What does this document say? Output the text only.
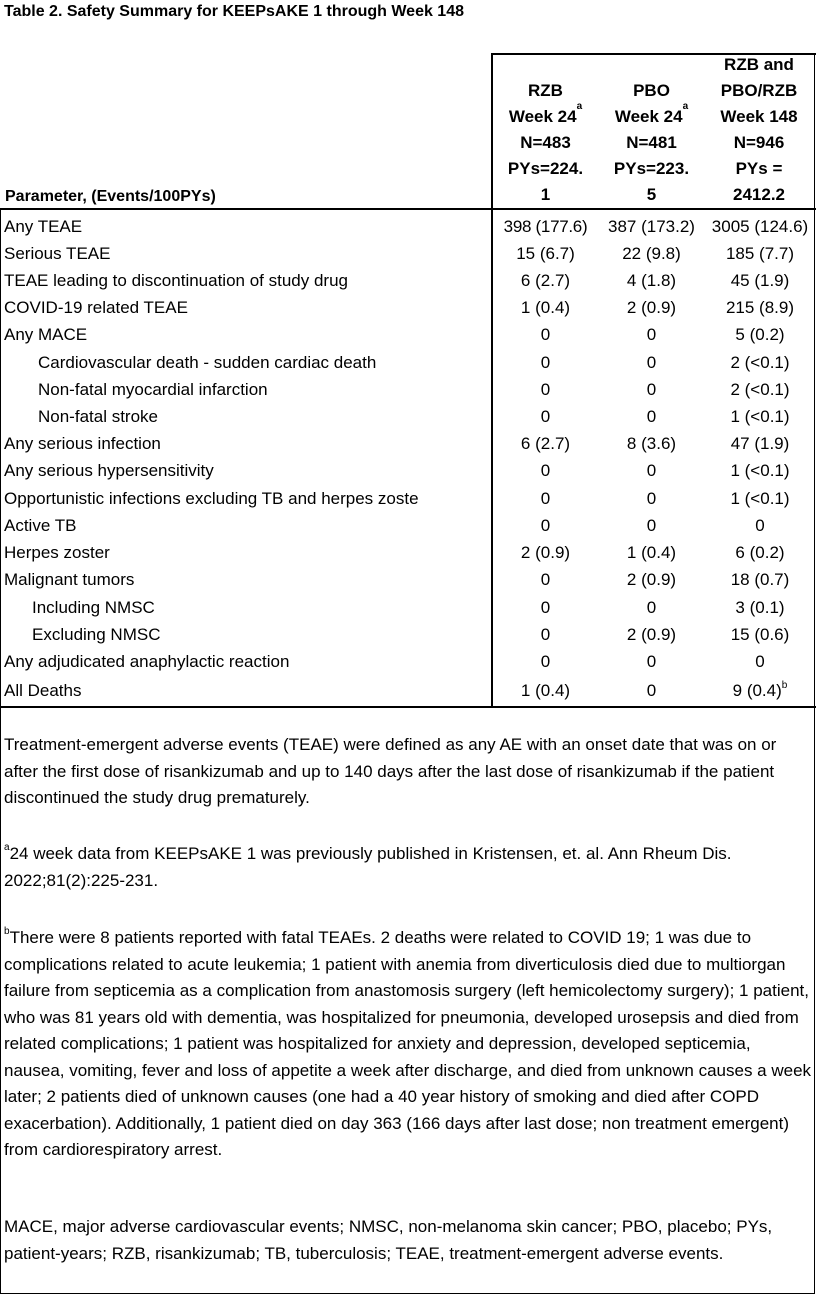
Table 2. Safety Summary for KEEPsAKE 1 through Week 148
Parameter, (Events/100PYs)
RZB
Week 24$^a$
N=483
PYs=224.
1
PBO
Week 24$^a$
N=481
PYs=223.
5
RZB and
PBO/RZB
Week 148
N=946
PYs =
2412.2
Any TEAE	398 (177.6)	387 (173.2) 3005 (124.6)
Serious TEAE	15 (6.7)	22 (9.8)	185 (7.7)
TEAE leading to discontinuation of study drug	6 (2.7)	4 (1.8)	45 (1.9)
COVID-19 related TEAE	1 (0.4)	2 (0.9)	215 (8.9)
Any MACE	0	0	5 (0.2)
Cardiovascular death - sudden cardiac death	0	0	2 (<0.1)
Non-fatal myocardial infarction	0	0	2 (<0.1)
Non-fatal stroke	0	0	1 (<0.1)
Any serious infection	6 (2.7)	8 (3.6)	47 (1.9)
Any serious hypersensitivity	0	0	1 (<0.1)
Opportunistic infections excluding TB and herpes zoste	0	0	1 (<0.1)
Active TB	0	0	0
Herpes zoster	2 (0.9)	1 (0.4)	6 (0.2)
Malignant tumors	0	2 (0.9)	18 (0.7)
Including NMSC	0	0	3 (0.1)
Excluding NMSC	0	2 (0.9)	15 (0.6)
Any adjudicated anaphylactic reaction	0	0	0
All Deaths	1 (0.4)	0	9 $(0.4)^b$
Treatment-emergent adverse events (TEAE) were defined as any AE with an onset date that was on or after the first dose of risankizumab and up to 140 days after the last dose of risankizumab if the patient discontinued the study drug prematurely.
$^a$24 week data from KEEPsAKE 1 was previously published in Kristensen, et. al. Ann Rheum Dis. 2022;81(2):225-231.
$^b$There were 8 patients reported with fatal TEAEs. 2 deaths were related to COVID 19; 1 was due to complications related to acute leukemia; 1 patient with anemia from diverticulosis died due to multiorgan failure from septicemia as a complication from anastomosis surgery (left hemicolectomy surgery); 1 patient, who was 81 years old with dementia, was hospitalized for pneumonia, developed urosepsis and died from related complications; 1 patient was hospitalized for anxiety and depression, developed septicemia, nausea, vomiting, fever and loss of appetite a week after discharge, and died from unknown causes a week later; 2 patients died of unknown causes (one had a 40 year history of smoking and died after COPD exacerbation). Additionally, 1 patient died on day 363 (166 days after last dose; non treatment emergent) from cardiorespiratory arrest.
MACE, major adverse cardiovascular events; NMSC, non-melanoma skin cancer; PBO, placebo; PYs, patient-years; RZB, risankizumab; TB, tuberculosis; TEAE, treatment-emergent adverse events.
